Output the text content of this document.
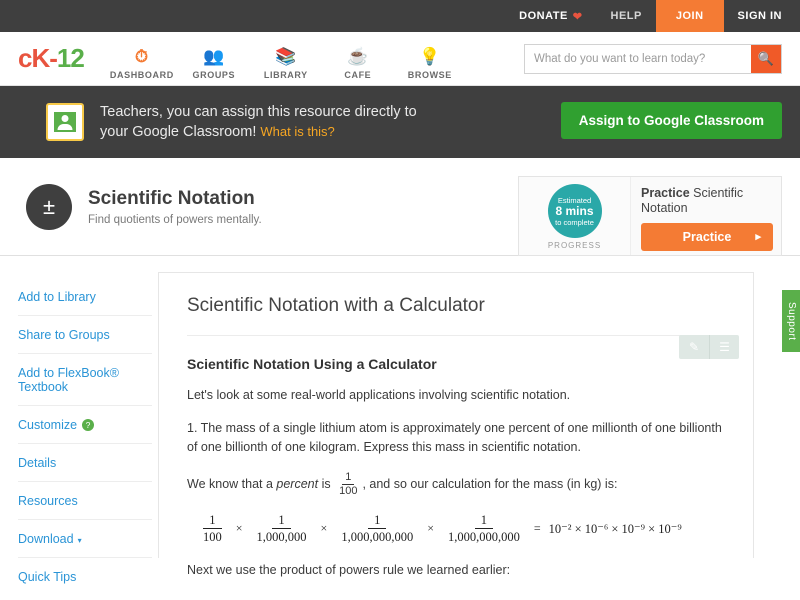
DONATE ❤	HELP	JOIN	SIGN IN
cK - 12	⏱
DASHBOARD
👥
GROUPS
📚
LIBRARY
☕
CAFE
💡
BROWSE
What do you want to learn today?
🔍
Teachers, you can assign this resource directly to
your Google Classroom! What is this?
Assign to Google Classroom
±	Scientific Notation
Find quotients of powers mentally.
Estimated
8 mins
to complete
PROGRESS
Practice Scientific Notation
Practice ▸
Add to Library
Share to Groups
Add to FlexBook® Textbook
Customize ?
Details
Resources
Download ▾
Quick Tips
Scientific Notation with a Calculator
✎	☰
Scientific Notation Using a Calculator

Let's look at some real-world applications involving scientific notation.

1. The mass of a single lithium atom is approximately one percent of one millionth of one billionth of one billionth of one kilogram. Express this mass in scientific notation.

We know that a percent is $\frac{1}{100}$ , and so our calculation for the mass (in kg) is:

$\frac{1}{100} \times \frac{1}{1,000,000} \times \frac{1}{1,000,000,000} \times \frac{1}{1,000,000,000} = 10^{-2} \times 10^{-6} \times 10^{-9} \times 10^{-9}$

Next we use the product of powers rule we learned earlier:

Support
